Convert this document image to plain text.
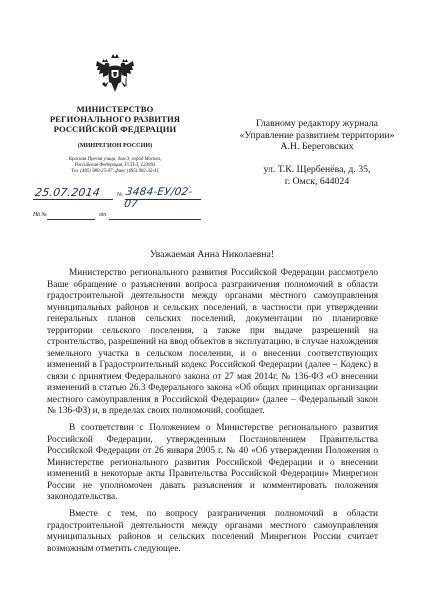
МИНИСТЕРСТВО
РЕГИОНАЛЬНОГО РАЗВИТИЯ
РОССИЙСКОЙ ФЕДЕРАЦИИ
(МИНРЕГИОН РОССИИ)
Красная Пресня улица, дом 3, город Москва,
Российская Федерация, ГСП-3, 123993
Тел. (495) 980-25-47; факс (495) 982-32-41
25.07.2014	№ 3484-ЕУ/02-07
На №	от
Главному редактору журнала
«Управление развитием территории»
А.Н. Береговских
ул. Т.К. Щербенёва, д. 35,
г. Омск, 644024
Уважаемая Анна Николаевна!

Министерство регионального развития Российской Федерации рассмотрело Ваше обращение о разъяснении вопроса разграничения полномочий в области градостроительной деятельности между органами местного самоуправления муниципальных районов и сельских поселений, в частности при утверждении генеральных планов сельских поселений, документации по планировке территории сельского поселения, а также при выдаче разрешений на строительство, разрешений на ввод объектов в эксплуатацию, в случае нахождения земельного участка в сельском поселении, и о внесении соответствующих изменений в Градостроительный кодекс Российской Федерации (далее – Кодекс) в связи с принятием Федерального закона от 27 мая 2014г. № 136-ФЗ «О внесении изменений в статью 26.3 Федерального закона «Об общих принципах организации местного самоуправления в Российской Федерации» (далее – Федеральный закон № 136-ФЗ) и, в пределах своих полномочий, сообщает.

В соответствии с Положением о Министерстве регионального развития Российской Федерации, утвержденным Постановлением Правительства Российской Федерации от 26 января 2005 г. № 40 «Об утверждении Положения о Министерстве регионального развития Российской Федерации и о внесении изменений в некоторые акты Правительства Российской Федерации» Минрегион России не уполномочен давать разъяснения и комментировать положения законодательства.

Вместе с тем, по вопросу разграничения полномочий в области градостроительной деятельности между органами местного самоуправления муниципальных районов и сельских поселений Минрегион России считает возможным отметить следующее.
